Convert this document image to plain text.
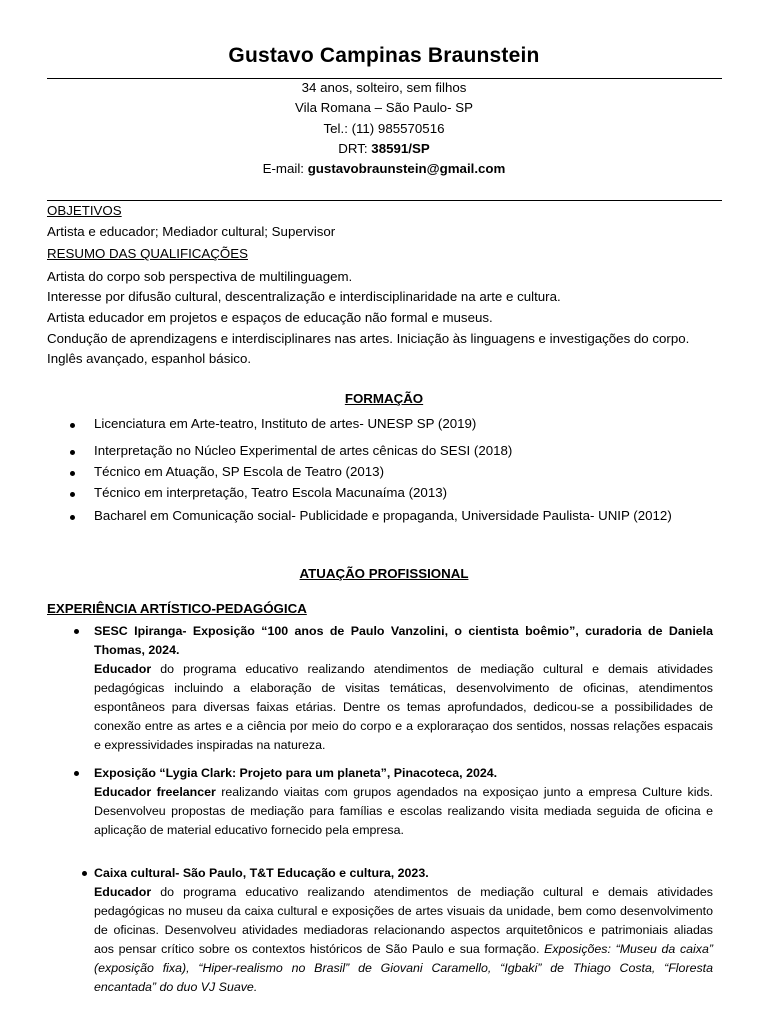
Gustavo Campinas Braunstein
34 anos, solteiro, sem filhos
Vila Romana – São Paulo- SP
Tel.: (11) 985570516
DRT: 38591/SP
E-mail: gustavobraunstein@gmail.com
OBJETIVOS
Artista e educador; Mediador cultural; Supervisor
RESUMO DAS QUALIFICAÇÕES
Artista do corpo sob perspectiva de multilinguagem.
Interesse por difusão cultural, descentralização e interdisciplinaridade na arte e cultura.
Artista educador em projetos e espaços de educação não formal e museus.
Condução de aprendizagens e interdisciplinares nas artes. Iniciação às linguagens e investigações do corpo.
Inglês avançado, espanhol básico.
FORMAÇÃO
Licenciatura em Arte-teatro, Instituto de artes- UNESP SP (2019)
Interpretação no Núcleo Experimental de artes cênicas do SESI (2018)
Técnico em Atuação, SP Escola de Teatro (2013)
Técnico em interpretação, Teatro Escola Macunaíma (2013)
Bacharel em Comunicação social- Publicidade e propaganda, Universidade Paulista- UNIP (2012)
ATUAÇÃO PROFISSIONAL
EXPERIÊNCIA ARTÍSTICO-PEDAGÓGICA
SESC Ipiranga- Exposição “100 anos de Paulo Vanzolini, o cientista boêmio”, curadoria de Daniela Thomas, 2024.
Educador do programa educativo realizando atendimentos de mediação cultural e demais atividades pedagógicas incluindo a elaboração de visitas temáticas, desenvolvimento de oficinas, atendimentos espontâneos para diversas faixas etárias. Dentre os temas aprofundados, dedicou-se a possibilidades de conexão entre as artes e a ciência por meio do corpo e a exploraraçao dos sentidos, nossas relações espacais e expressividades inspiradas na natureza.
Exposição “Lygia Clark: Projeto para um planeta”, Pinacoteca, 2024.
Educador freelancer realizando viaitas com grupos agendados na exposiçao junto a empresa Culture kids. Desenvolveu propostas de mediação para famílias e escolas realizando visita mediada seguida de oficina e aplicação de material educativo fornecido pela empresa.
Caixa cultural- São Paulo, T&T Educação e cultura, 2023.
Educador do programa educativo realizando atendimentos de mediação cultural e demais atividades pedagógicas no museu da caixa cultural e exposições de artes visuais da unidade, bem como desenvolvimento de oficinas. Desenvolveu atividades mediadoras relacionando aspectos arquitetônicos e patrimoniais aliadas aos pensar crítico sobre os contextos históricos de São Paulo e sua formação. Exposições: “Museu da caixa” (exposição fixa), “Hiper-realismo no Brasil” de Giovani Caramello, “Igbaki” de Thiago Costa, “Floresta encantada” do duo VJ Suave.
